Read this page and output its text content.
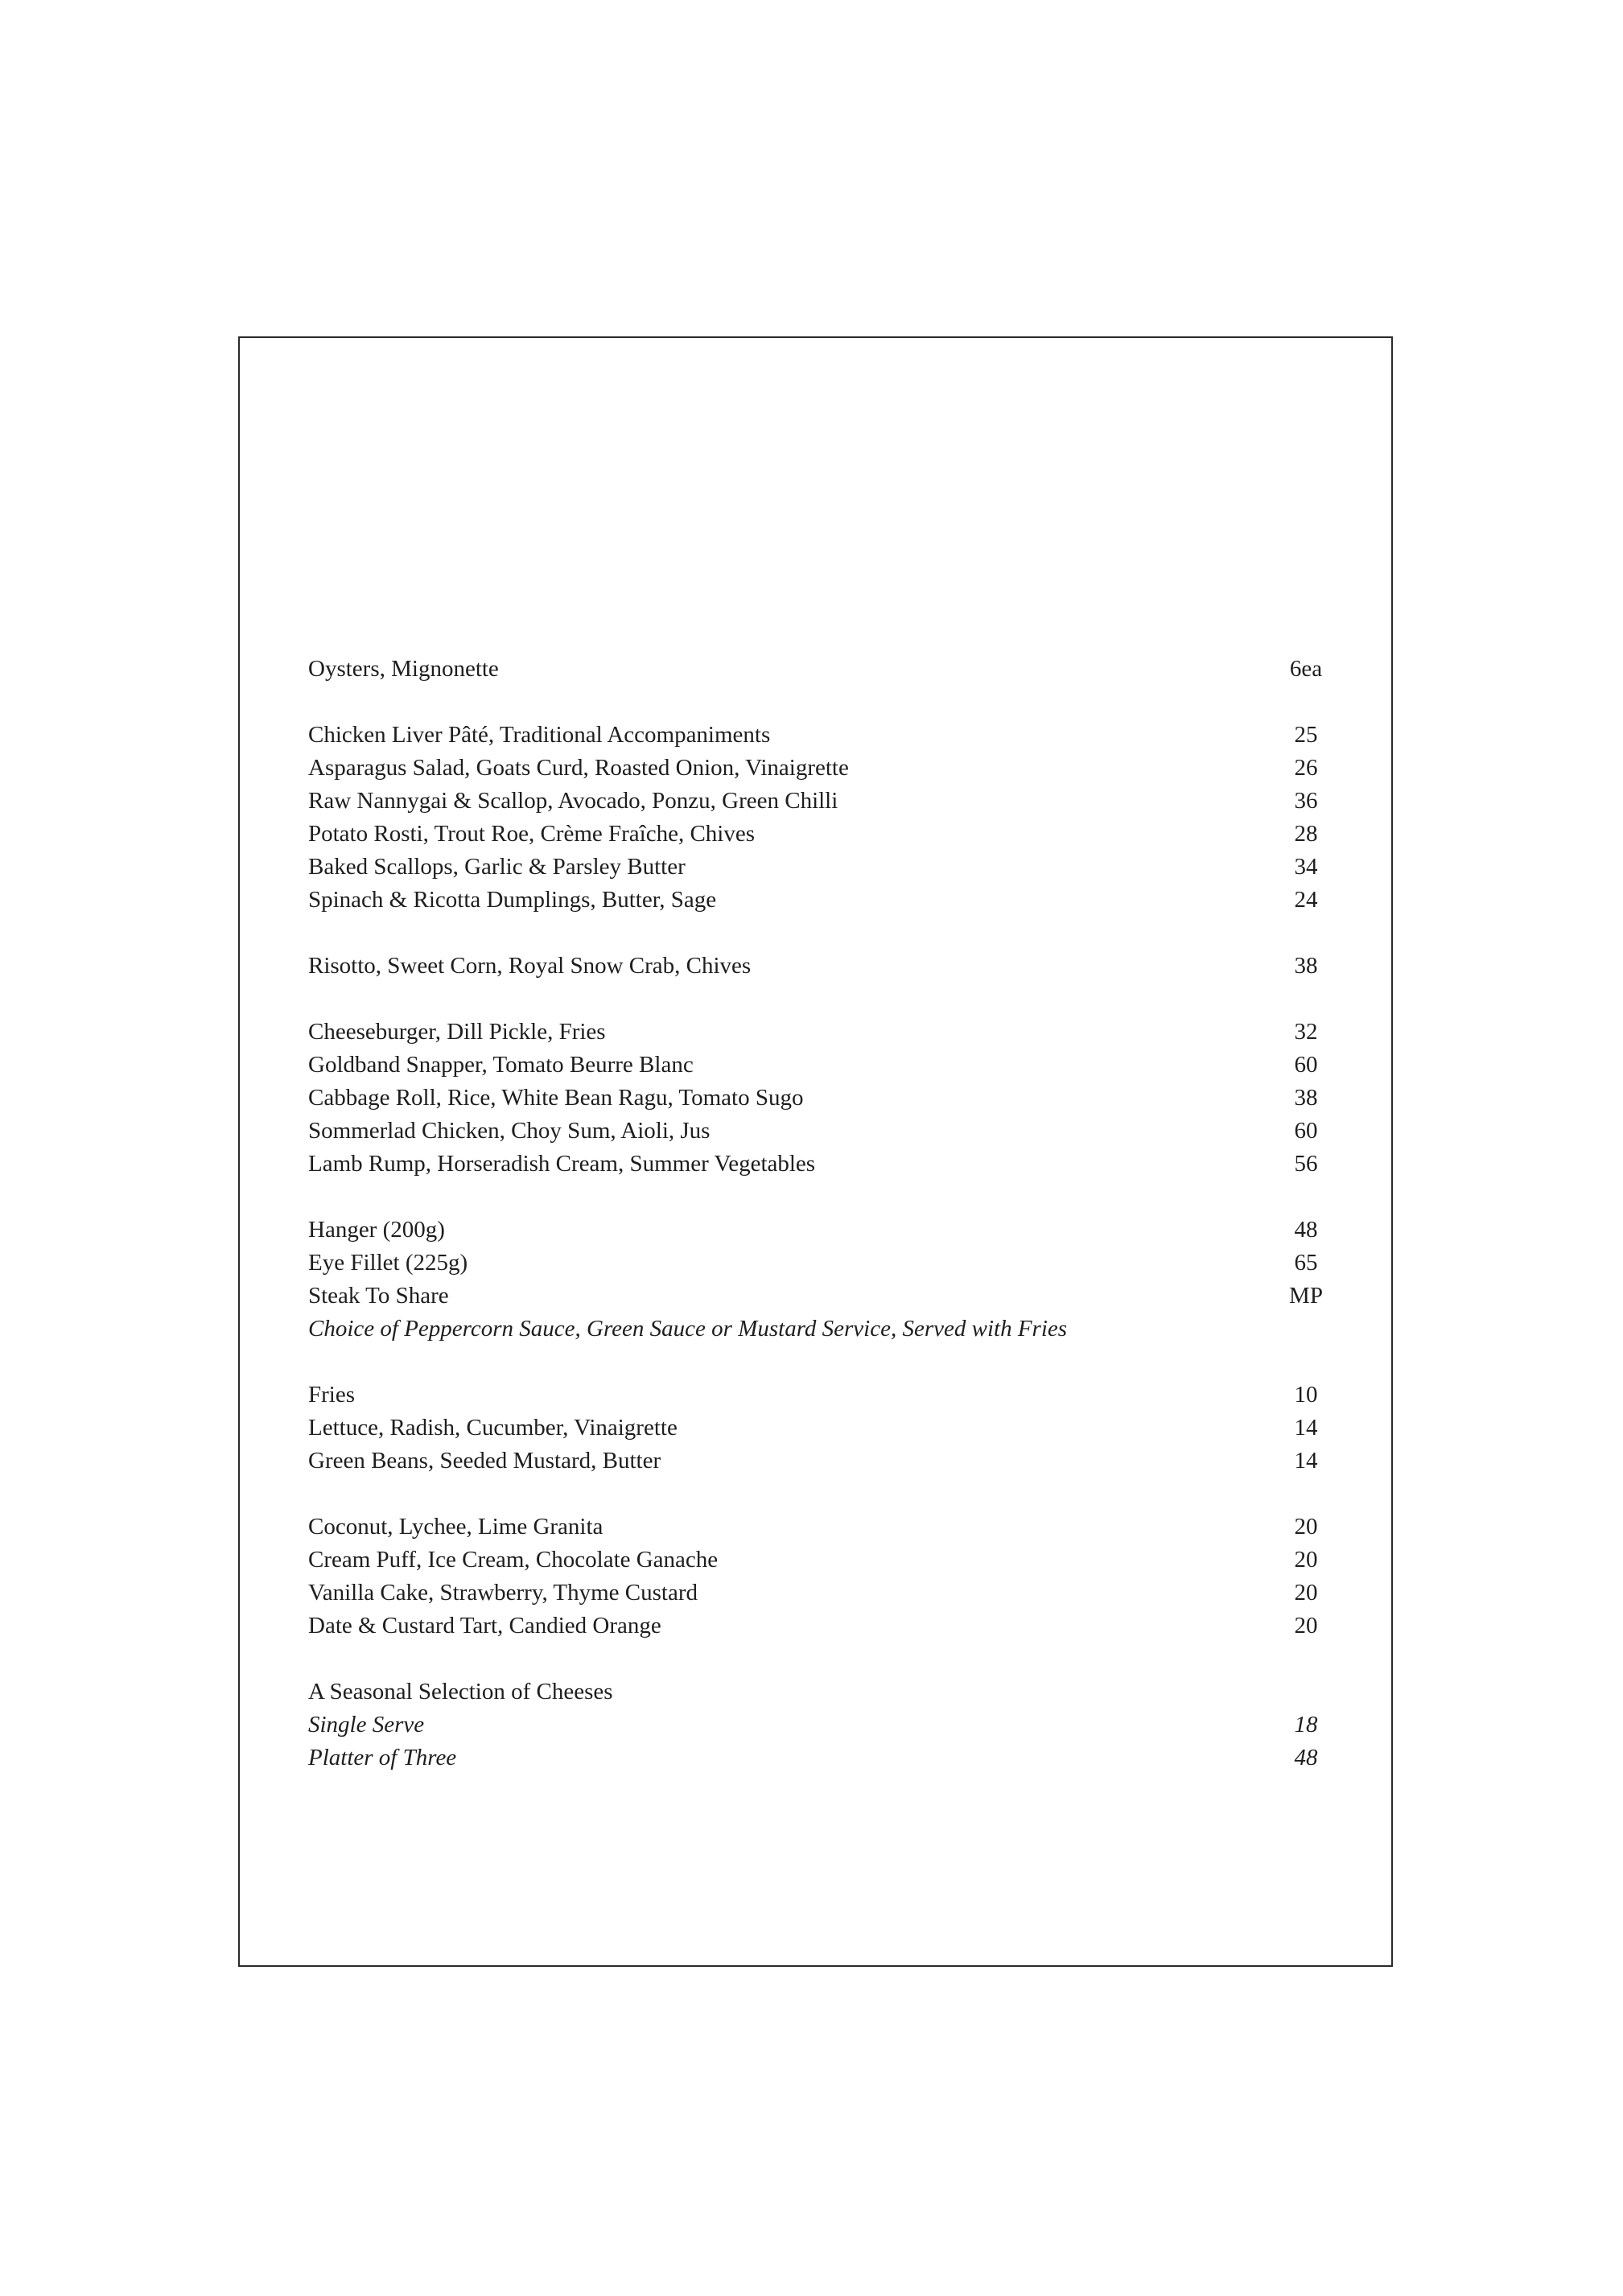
Oysters, Mignonette	6ea
Chicken Liver Pâté, Traditional Accompaniments	25
Asparagus Salad, Goats Curd, Roasted Onion, Vinaigrette	26
Raw Nannygai & Scallop, Avocado, Ponzu, Green Chilli	36
Potato Rosti, Trout Roe, Crème Fraîche, Chives	28
Baked Scallops, Garlic & Parsley Butter	34
Spinach & Ricotta Dumplings, Butter, Sage	24
Risotto, Sweet Corn, Royal Snow Crab, Chives	38
Cheeseburger, Dill Pickle, Fries	32
Goldband Snapper, Tomato Beurre Blanc	60
Cabbage Roll, Rice, White Bean Ragu, Tomato Sugo	38
Sommerlad Chicken, Choy Sum, Aioli, Jus	60
Lamb Rump, Horseradish Cream, Summer Vegetables	56
Hanger (200g)	48
Eye Fillet (225g)	65
Steak To Share	MP
Choice of Peppercorn Sauce, Green Sauce or Mustard Service, Served with Fries
Fries	10
Lettuce, Radish, Cucumber, Vinaigrette	14
Green Beans, Seeded Mustard, Butter	14
Coconut, Lychee, Lime Granita	20
Cream Puff, Ice Cream, Chocolate Ganache	20
Vanilla Cake, Strawberry, Thyme Custard	20
Date & Custard Tart, Candied Orange	20
A Seasonal Selection of Cheeses
Single Serve	18
Platter of Three	48
